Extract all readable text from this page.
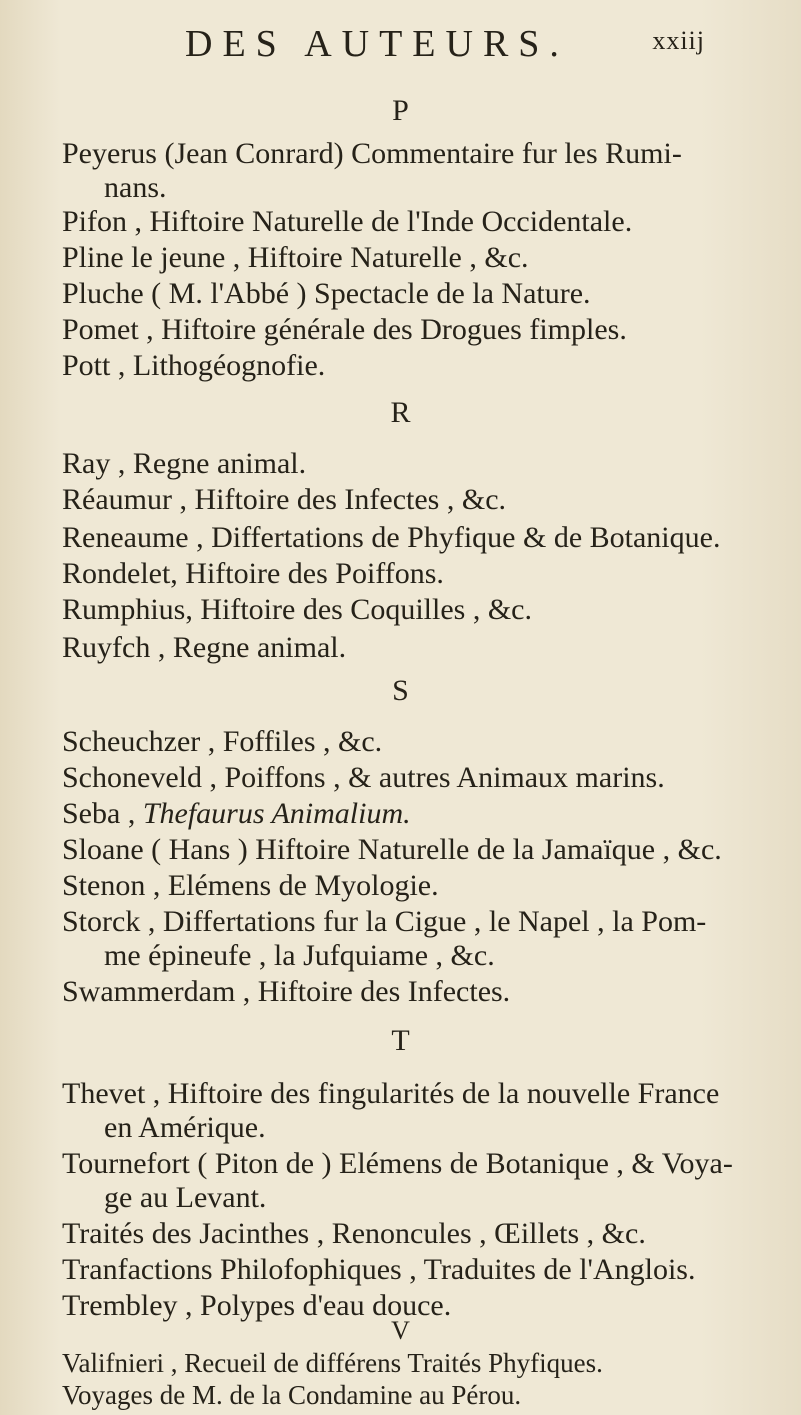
DES AUTEURS.	xxiij
P
Peyerus (Jean Conrard) Commentaire fur les Rumi-
nans.
Pifon , Hiftoire Naturelle de l'Inde Occidentale.
Pline le jeune , Hiftoire Naturelle , &c.
Pluche ( M. l'Abbé ) Spectacle de la Nature.
Pomet , Hiftoire générale des Drogues fimples.
Pott , Lithogéognofie.
R
Ray , Regne animal.
Réaumur , Hiftoire des Infectes , &c.
Reneaume , Differtations de Phyfique & de Botanique.
Rondelet, Hiftoire des Poiffons.
Rumphius, Hiftoire des Coquilles , &c.
Ruyfch , Regne animal.
S
Scheuchzer , Foffiles , &c.
Schoneveld , Poiffons , & autres Animaux marins.
Seba , Thefaurus Animalium.
Sloane ( Hans ) Hiftoire Naturelle de la Jamaïque , &c.
Stenon , Elémens de Myologie.
Storck , Differtations fur la Cigue , le Napel , la Pom-
me épineufe , la Jufquiame , &c.
Swammerdam , Hiftoire des Infectes.
T
Thevet , Hiftoire des fingularités de la nouvelle France
en Amérique.
Tournefort ( Piton de ) Elémens de Botanique , & Voya-
ge au Levant.
Traités des Jacinthes , Renoncules , Œillets , &c.
Tranfactions Philofophiques , Traduites de l'Anglois.
Trembley , Polypes d'eau douce.
V
Valifnieri , Recueil de différens Traités Phyfiques.
Voyages de M. de la Condamine au Pérou.
